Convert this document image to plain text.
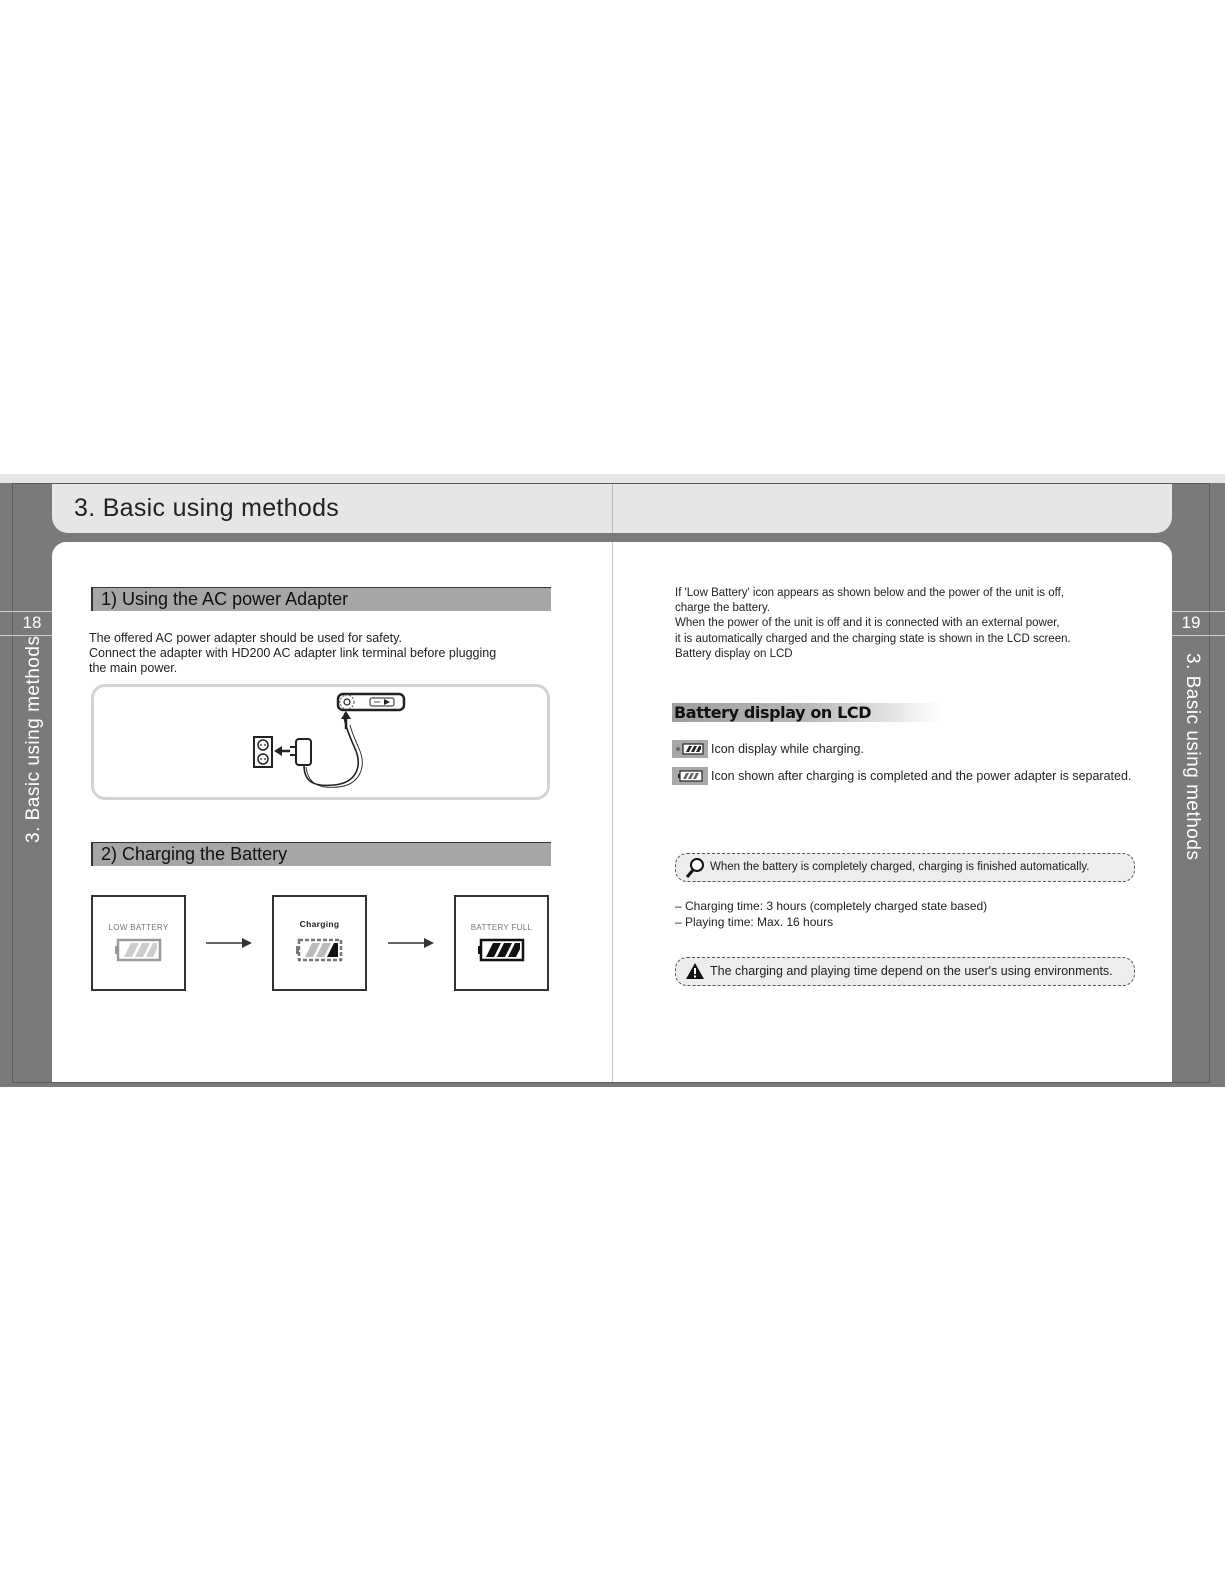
3. Basic using methods
18
3. Basic using methods
19
3. Basic using methods
1) Using the AC power Adapter
The offered AC power adapter should be used for safety.
Connect the adapter with HD200 AC adapter link terminal before plugging
the main power.
2) Charging the Battery
LOW BATTERY	Charging	BATTERY FULL
If 'Low Battery' icon appears as shown below and the power of the unit is off,
charge the battery.
When the power of the unit is off and it is connected with an external power,
it is automatically charged and the charging state is shown in the LCD screen.
Battery display on LCD
Battery display on LCD
Icon display while charging.
Icon shown after charging is completed and the power adapter is separated.
When the battery is completely charged, charging is finished automatically.
– Charging time: 3 hours (completely charged state based)
– Playing time: Max. 16 hours
The charging and playing time depend on the user's using environments.
